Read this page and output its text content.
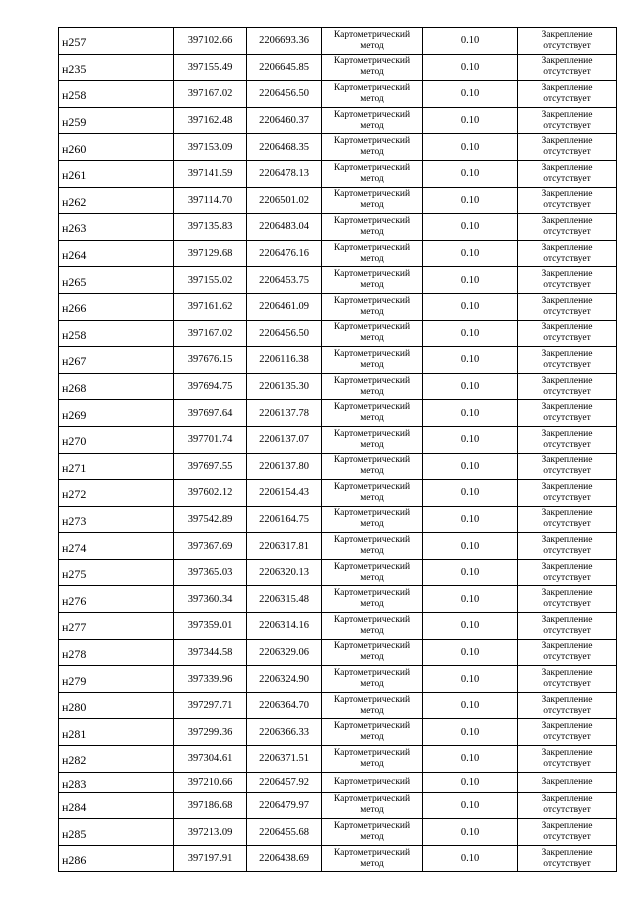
н257	397102.66	2206693.36	Картометрический
метод	0.10	Закрепление
отсутствует

н235	397155.49	2206645.85	Картометрический
метод	0.10	Закрепление
отсутствует

н258	397167.02	2206456.50	Картометрический
метод	0.10	Закрепление
отсутствует

н259	397162.48	2206460.37	Картометрический
метод	0.10	Закрепление
отсутствует

н260	397153.09	2206468.35	Картометрический
метод	0.10	Закрепление
отсутствует

н261	397141.59	2206478.13	Картометрический
метод	0.10	Закрепление
отсутствует

н262	397114.70	2206501.02	Картометрический
метод	0.10	Закрепление
отсутствует

н263	397135.83	2206483.04	Картометрический
метод	0.10	Закрепление
отсутствует

н264	397129.68	2206476.16	Картометрический
метод	0.10	Закрепление
отсутствует

н265	397155.02	2206453.75	Картометрический
метод	0.10	Закрепление
отсутствует

н266	397161.62	2206461.09	Картометрический
метод	0.10	Закрепление
отсутствует

н258	397167.02	2206456.50	Картометрический
метод	0.10	Закрепление
отсутствует

н267	397676.15	2206116.38	Картометрический
метод	0.10	Закрепление
отсутствует

н268	397694.75	2206135.30	Картометрический
метод	0.10	Закрепление
отсутствует

н269	397697.64	2206137.78	Картометрический
метод	0.10	Закрепление
отсутствует

н270	397701.74	2206137.07	Картометрический
метод	0.10	Закрепление
отсутствует

н271	397697.55	2206137.80	Картометрический
метод	0.10	Закрепление
отсутствует

н272	397602.12	2206154.43	Картометрический
метод	0.10	Закрепление
отсутствует

н273	397542.89	2206164.75	Картометрический
метод	0.10	Закрепление
отсутствует

н274	397367.69	2206317.81	Картометрический
метод	0.10	Закрепление
отсутствует

н275	397365.03	2206320.13	Картометрический
метод	0.10	Закрепление
отсутствует

н276	397360.34	2206315.48	Картометрический
метод	0.10	Закрепление
отсутствует

н277	397359.01	2206314.16	Картометрический
метод	0.10	Закрепление
отсутствует

н278	397344.58	2206329.06	Картометрический
метод	0.10	Закрепление
отсутствует

н279	397339.96	2206324.90	Картометрический
метод	0.10	Закрепление
отсутствует

н280	397297.71	2206364.70	Картометрический
метод	0.10	Закрепление
отсутствует

н281	397299.36	2206366.33	Картометрический
метод	0.10	Закрепление
отсутствует

н282	397304.61	2206371.51	Картометрический
метод	0.10	Закрепление
отсутствует

н283	397210.66	2206457.92	Картометрический	0.10	Закрепление

н284	397186.68	2206479.97	Картометрический
метод	0.10	Закрепление
отсутствует

н285	397213.09	2206455.68	Картометрический
метод	0.10	Закрепление
отсутствует

н286	397197.91	2206438.69	Картометрический
метод	0.10	Закрепление
отсутствует
